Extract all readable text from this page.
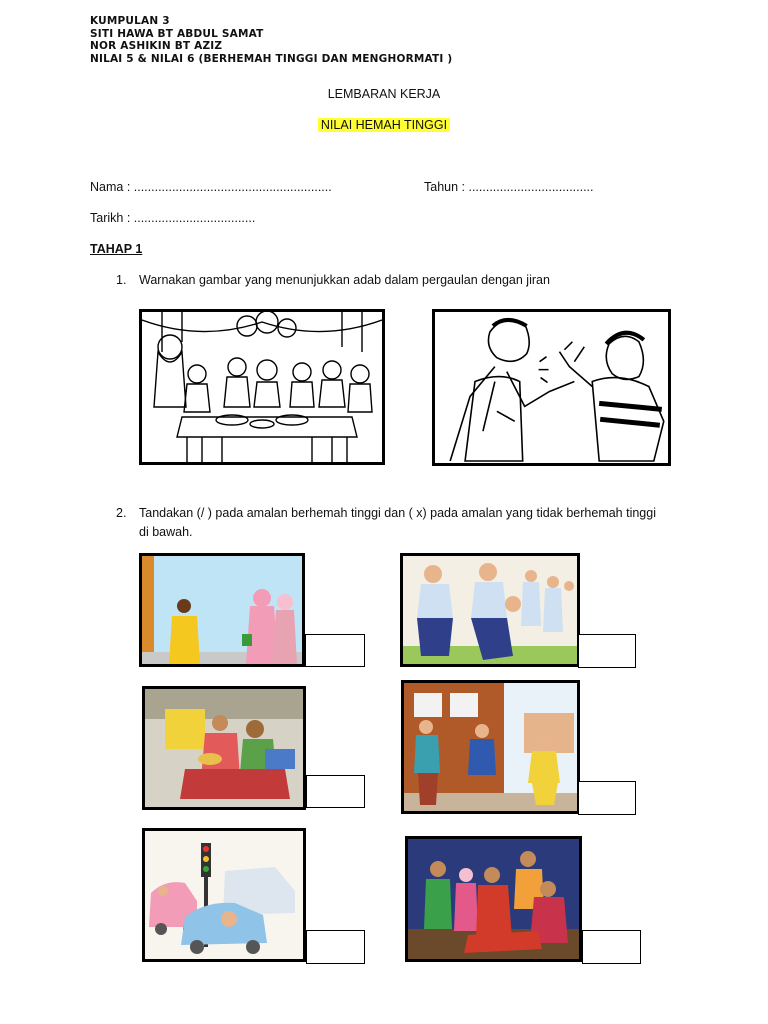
KUMPULAN 3
SITI HAWA BT ABDUL SAMAT
NOR ASHIKIN BT AZIZ
NILAI 5 & NILAI 6 (BERHEMAH TINGGI DAN MENGHORMATI )
LEMBARAN KERJA
NILAI HEMAH TINGGI
Nama : .........................................................	Tahun : ....................................
Tarikh : ...................................
TAHAP 1
1. Warnakan gambar yang menunjukkan adab dalam pergaulan dengan jiran
2. Tandakan (/ ) pada amalan berhemah tinggi dan ( x) pada amalan yang tidak berhemah tinggi
di bawah.
